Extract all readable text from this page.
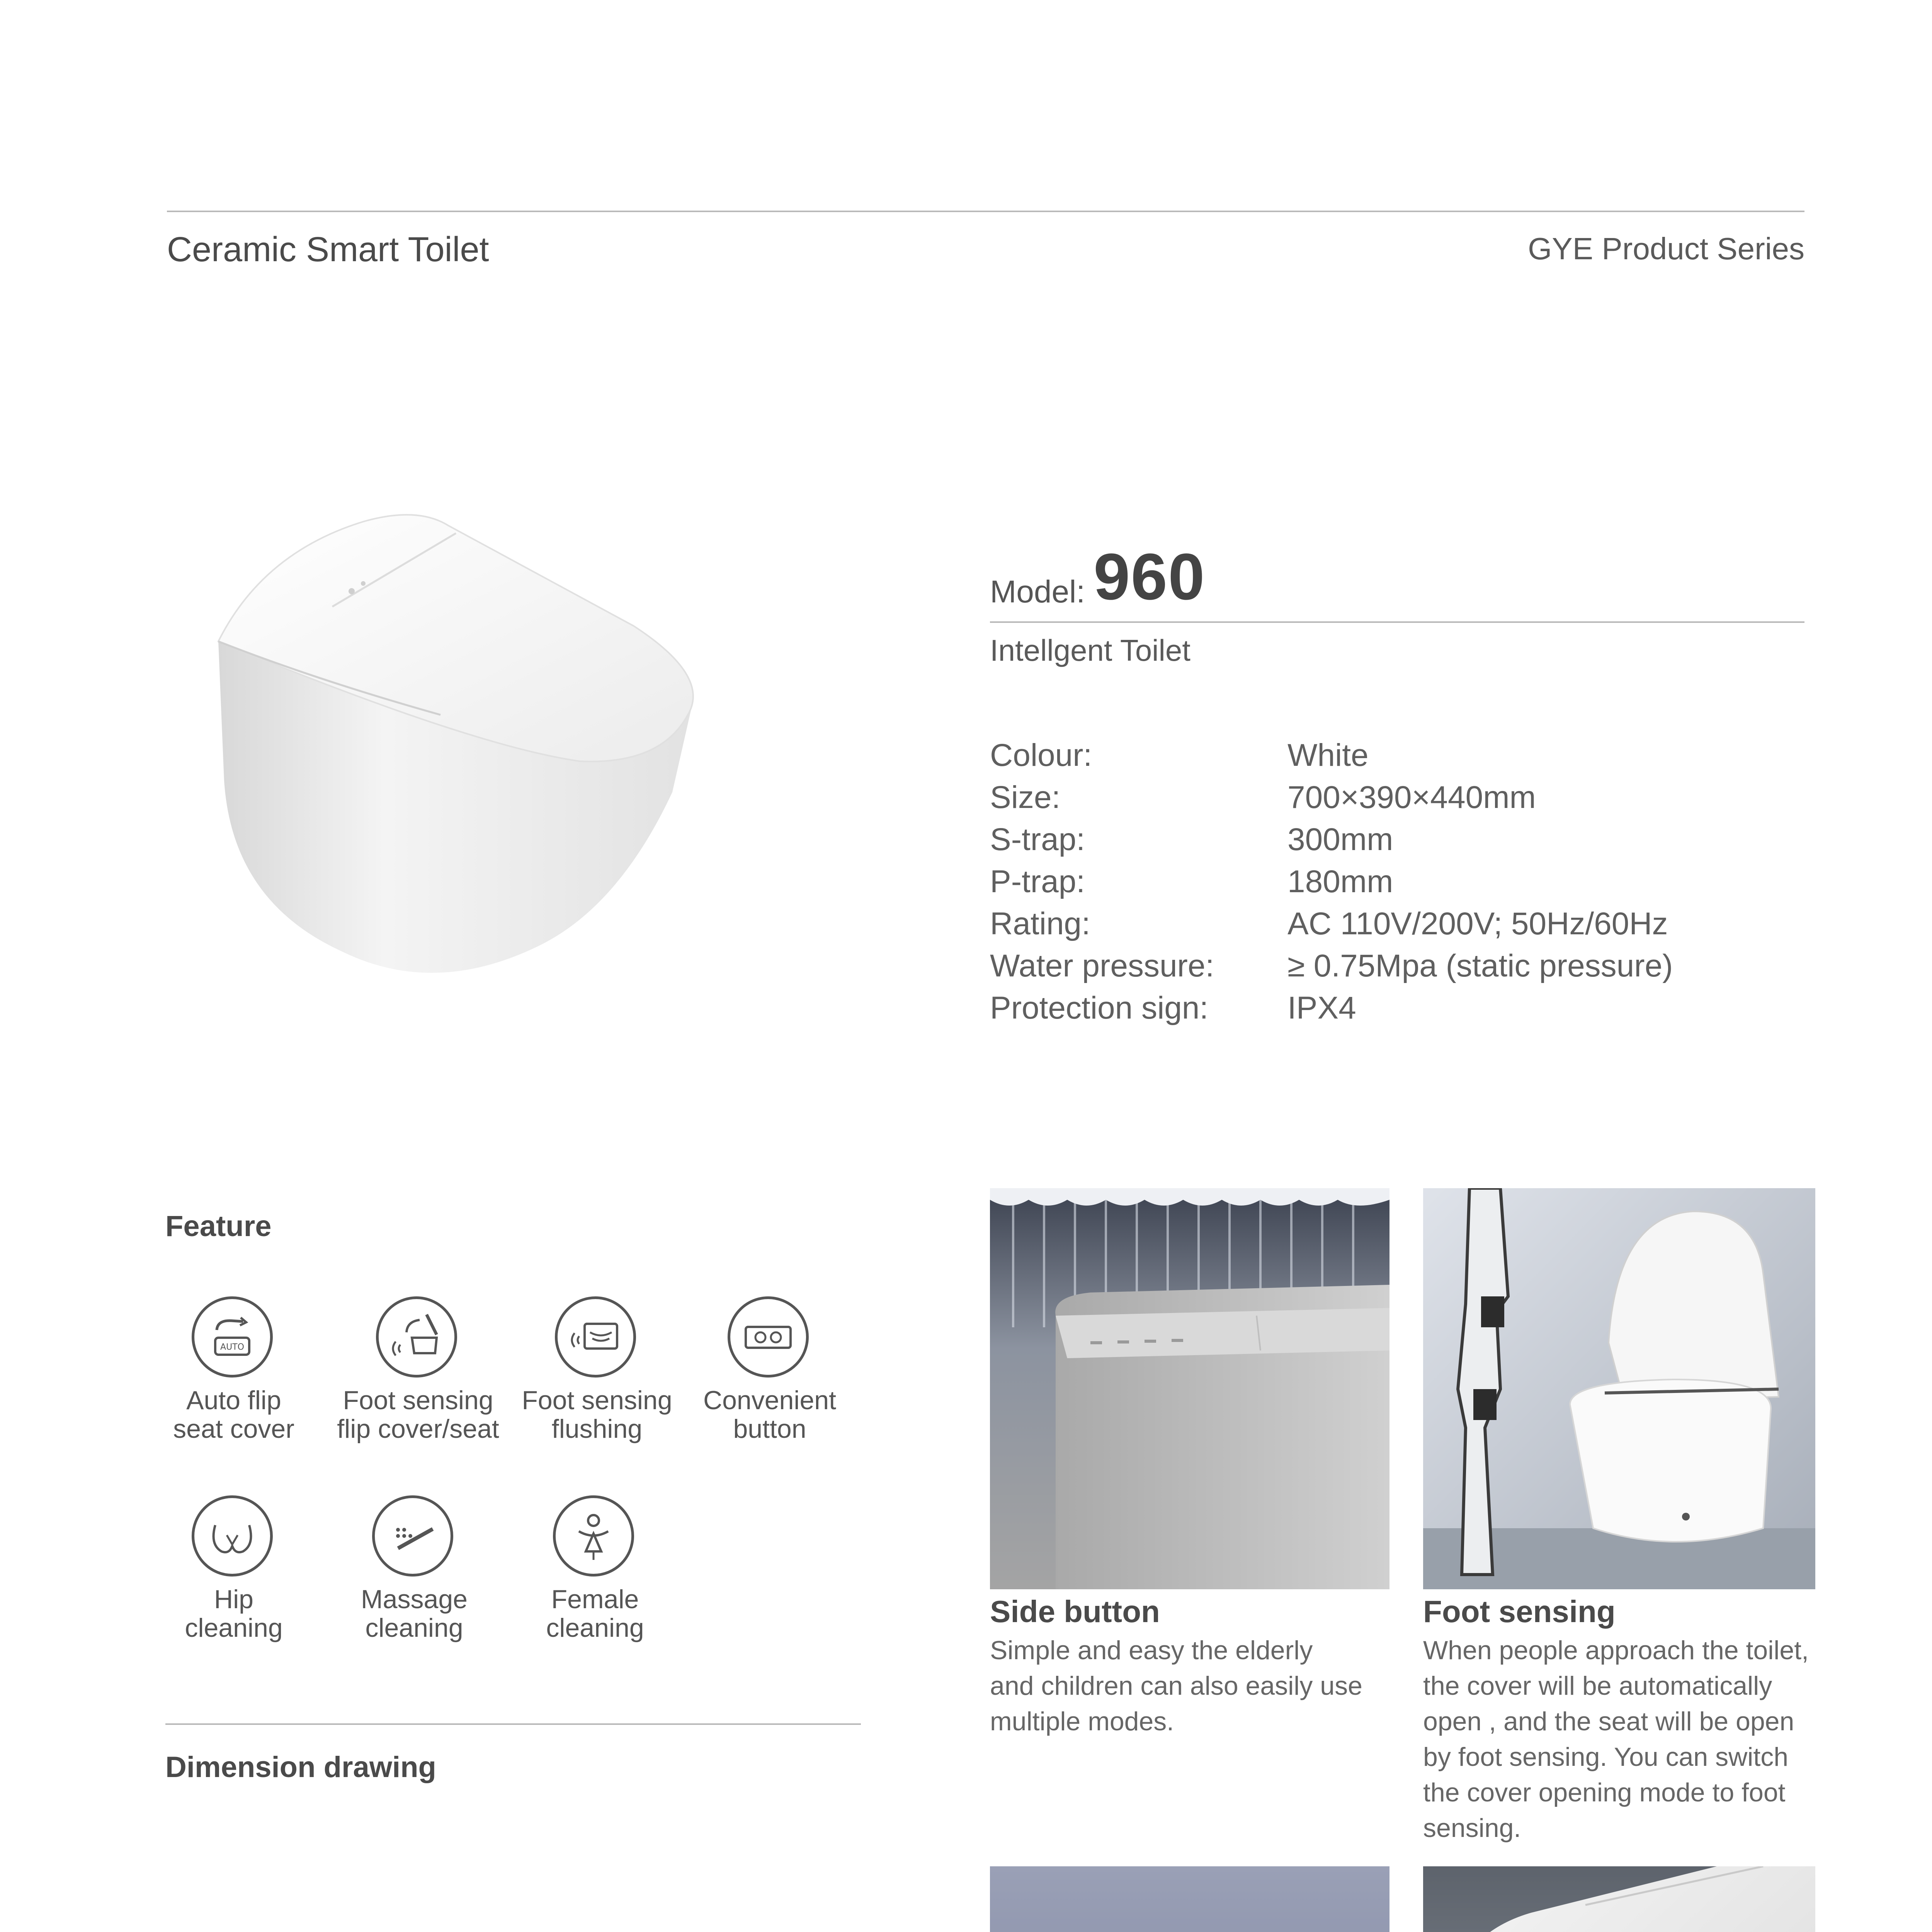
Ceramic Smart Toilet	GYE Product Series
Model: 960
Intellgent Toilet
Colour:	White
Size:	700×390×440mm
S-trap:	300mm
P-trap:	180mm
Rating:	AC 110V/200V; 50Hz/60Hz
Water pressure: ≥ 0.75Mpa (static pressure)
Protection sign: IPX4
Feature
AUTO
Auto flip
seat cover
Foot sensing
flip cover/seat
Foot sensing
flushing
Convenient
button
Hip
cleaning
Massage
cleaning
Female
cleaning
Dimension drawing
Side button
Simple and easy the elderly
and children can also easily use
multiple modes.
Foot sensing
When people approach the toilet,
the cover will be automatically
open , and the seat will be open
by foot sensing. You can switch
the cover opening mode to foot
sensing.
